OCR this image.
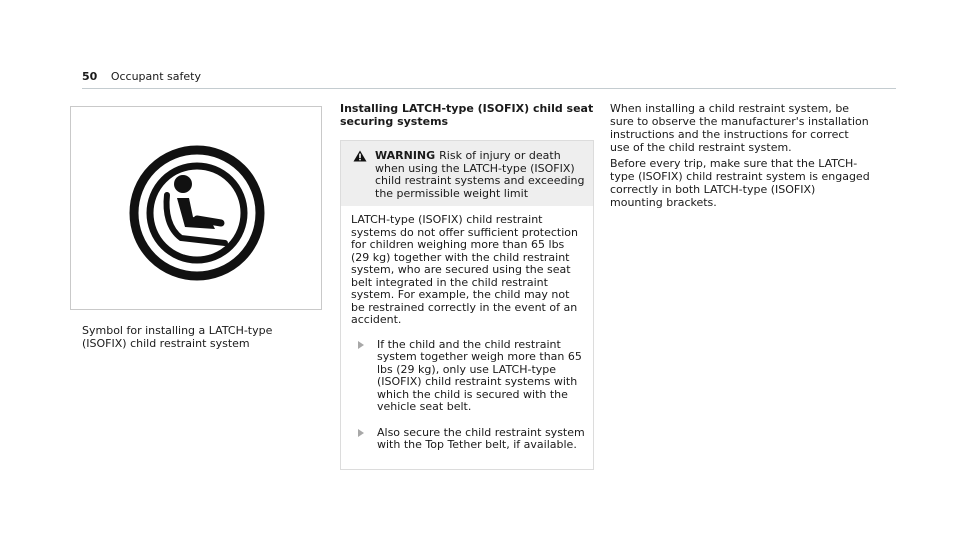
50 Occupant safety
Symbol for installing a LATCH-type (ISOFIX) child restraint system
Installing LATCH-type (ISOFIX) child seat securing systems
WARNING Risk of injury or death when using the LATCH-type (ISOFIX) child restraint systems and exceeding the permissible weight limit

LATCH-type (ISOFIX) child restraint systems do not offer sufficient protection for children weighing more than 65 lbs (29 kg) together with the child restraint system, who are secured using the seat belt integrated in the child restraint system. For example, the child may not be restrained correctly in the event of an accident.

If the child and the child restraint system together weigh more than 65 lbs (29 kg), only use LATCH-type (ISOFIX) child restraint systems with which the child is secured with the vehicle seat belt.
Also secure the child restraint system with the Top Tether belt, if available.

When installing a child restraint system, be sure to observe the manufacturer's installation instructions and the instructions for correct use of the child restraint system.

Before every trip, make sure that the LATCH-type (ISOFIX) child restraint system is engaged correctly in both LATCH-type (ISOFIX) mounting brackets.
